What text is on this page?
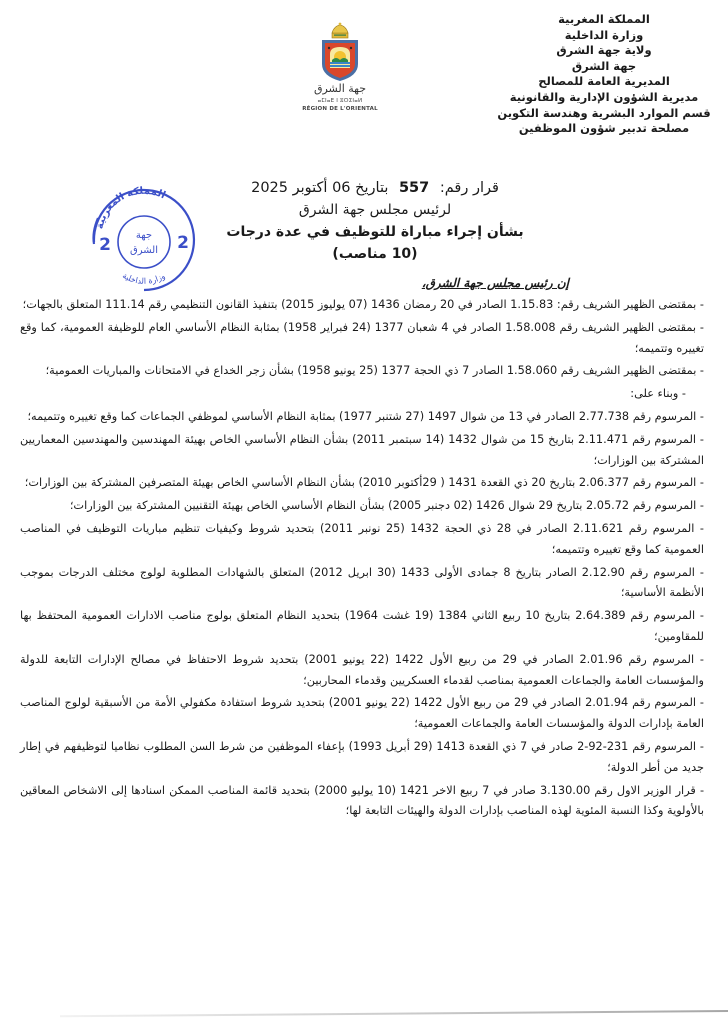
المملكة المغربية
وزارة الداخلية
ولاية جهة الشرق
جهة الشرق
المديرية العامة للمصالح
مديرية الشؤون الإدارية والقانونية
قسم الموارد البشرية وهندسة التكوين
مصلحة تدبير شؤون الموظفين
جهة الشرق
ⴰⵎⵏⴰⴹ ⵏ ⵓⵔⵉⵏⴰⵍ
RÉGION DE L'ORIENTAL
المملكة المغربية
وزارة الداخلية
جهة
الشرق
2	2
قرار رقم: 557 بتاريخ 06 أكتوبر 2025
لرئيس مجلس جهة الشرق
بشأن إجراء مباراة للتوظيف في عدة درجات
(10 مناصب)
إن رئيس مجلس جهة الشرق،
- بمقتضى الظهير الشريف رقم: 1.15.83 الصادر في 20 رمضان 1436 (07 يوليوز 2015) بتنفيذ القانون التنظيمي رقم 111.14 المتعلق بالجهات؛
- بمقتضى الظهير الشريف رقم 1.58.008 الصادر في 4 شعبان 1377 (24 فبراير 1958) بمثابة النظام الأساسي العام للوظيفة العمومية، كما وقع تغييره وتتميمه؛
- بمقتضى الظهير الشريف رقم 1.58.060 الصادر 7 ذي الحجة 1377 (25 يونيو 1958) بشأن زجر الخداع في الامتحانات والمباريات العمومية؛
- وبناء على:
- المرسوم رقم 2.77.738 الصادر في 13 من شوال 1497 (27 شتنبر 1977) بمثابة النظام الأساسي لموظفي الجماعات كما وقع تغييره وتتميمه؛
- المرسوم رقم 2.11.471 بتاريخ 15 من شوال 1432 (14 سبتمبر 2011) بشأن النظام الأساسي الخاص بهيئة المهندسين والمهندسين المعماريين المشتركة بين الوزارات؛
- المرسوم رقم 2.06.377 بتاريخ 20 ذي القعدة 1431 ( 29أكتوبر 2010) بشأن النظام الأساسي الخاص بهيئة المتصرفين المشتركة بين الوزارات؛
- المرسوم رقم 2.05.72 بتاريخ 29 شوال 1426 (02 دجنبر 2005) بشأن النظام الأساسي الخاص بهيئة التقنيين المشتركة بين الوزارات؛
- المرسوم رقم 2.11.621 الصادر في 28 ذي الحجة 1432 (25 نونبر 2011) بتحديد شروط وكيفيات تنظيم مباريات التوظيف في المناصب العمومية كما وقع تغييره وتتميمه؛
- المرسوم رقم 2.12.90 الصادر بتاريخ 8 جمادى الأولى 1433 (30 ابريل 2012) المتعلق بالشهادات المطلوبة لولوج مختلف الدرجات بموجب الأنظمة الأساسية؛
- المرسوم رقم 2.64.389 بتاريخ 10 ربيع الثاني 1384 (19 غشت 1964) بتحديد النظام المتعلق بولوج مناصب الادارات العمومية المحتفظ بها للمقاومين؛
- المرسوم رقم 2.01.96 الصادر في 29 من ربيع الأول 1422 (22 يونيو 2001) بتحديد شروط الاحتفاظ في مصالح الإدارات التابعة للدولة والمؤسسات العامة والجماعات العمومية بمناصب لقدماء العسكريين وقدماء المحاربين؛
- المرسوم رقم 2.01.94 الصادر في 29 من ربيع الأول 1422 (22 يونيو 2001) بتحديد شروط استفادة مكفولي الأمة من الأسبقية لولوج المناصب العامة بإدارات الدولة والمؤسسات العامة والجماعات العمومية؛
- المرسوم رقم 231-92-2 صادر في 7 ذي القعدة 1413 (29 أبريل 1993) بإعفاء الموظفين من شرط السن المطلوب نظاميا لتوظيفهم في إطار جديد من أطر الدولة؛
- قرار الوزير الاول رقم 3.130.00 صادر في 7 ربيع الاخر 1421 (10 يوليو 2000) بتحديد قائمة المناصب الممكن اسنادها إلى الاشخاص المعاقين بالأولوية وكذا النسبة المئوية لهذه المناصب بإدارات الدولة والهيئات التابعة لها؛
